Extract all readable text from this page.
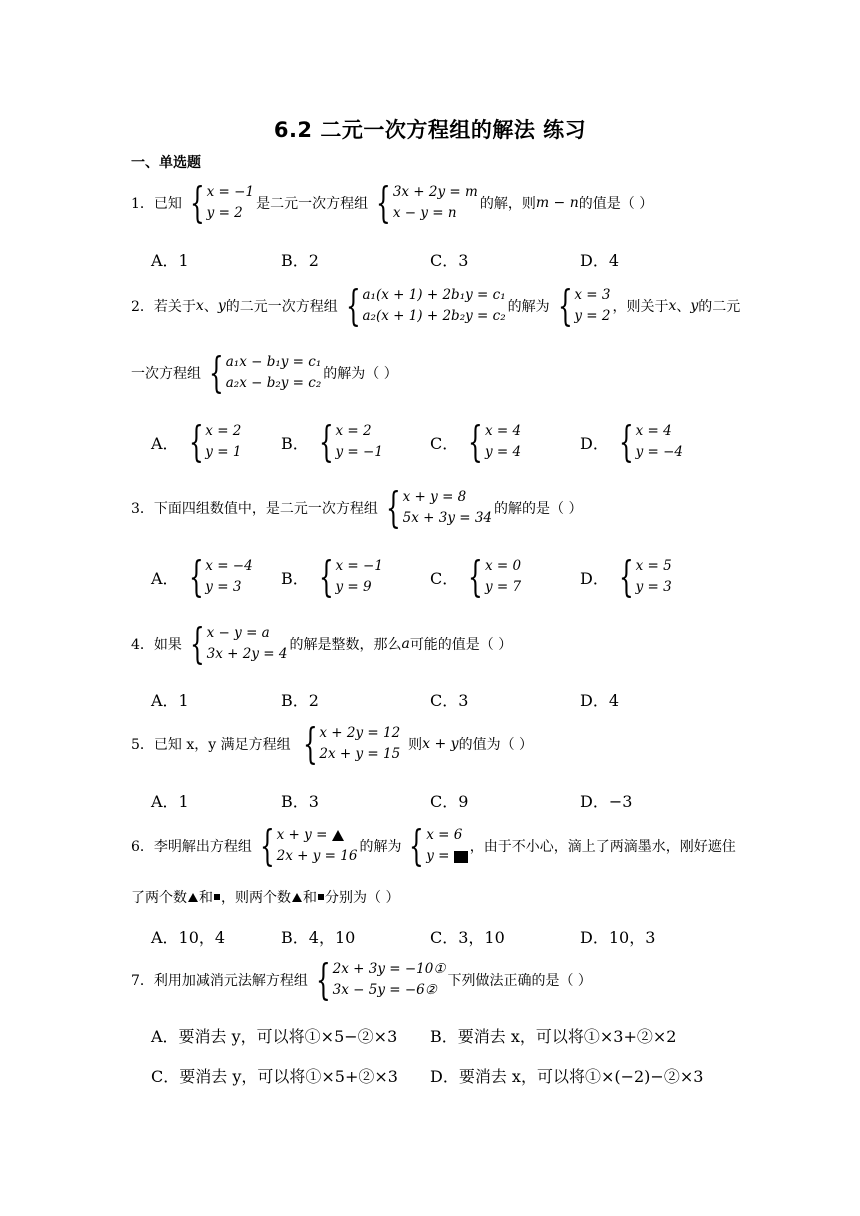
6.2 二元一次方程组的解法 练习
一、单选题
1．已知 { x = −1
y = 2
是二元一次方程组 { 3x + 2y = m
x − y = n
的解，则 m − n 的值是（ ）
A．1	B．2	C．3	D．4
2．若关于 x 、 y 的二元一次方程组 { a₁(x + 1) + 2b₁y = c₁
a₂(x + 1) + 2b₂y = c₂
的解为 { x = 3
y = 2
，则关于 x 、 y 的二元
一次方程组 { a₁x − b₁y = c₁
a₂x − b₂y = c₂
的解为（ ）
A． { x = 2
y = 1 B． { x = 2
y = −1	C． { x = 4
y = 4	D． { x = 4
y = −4
3．下面四组数值中，是二元一次方程组 { x + y = 8
5x + 3y = 34
的解的是（ ）
A． { x = −4
y = 3	B． { x = −1
y = 9	C． { x = 0
y = 7	D． { x = 5
y = 3
4．如果 { x − y = a
3x + 2y = 4
的解是整数，那么 a 可能的值是（ ）
A．1	B．2	C．3	D．4
5．已知 x，y 满足方程组 { x + 2y = 12
2x + y = 15
则 x + y 的值为（ ）
A．1	B．3	C．9	D．−3
6．李明解出方程组 { x + y =
2x + y = 16
的解为 { x = 6
y =
，由于不小心，滴上了两滴墨水，刚好遮住
了两个数 和 ，则两个数 和 分别为（ ）
A．10，4	B．4，10	C．3，10	D．10，3
7．利用加减消元法解方程组 { 2x + 3y = −10①
3x − 5y = −6②
下列做法正确的是（ ）
A．要消去 y，可以将①×5−②×3 B．要消去 x，可以将①×3+②×2
C．要消去 y，可以将①×5+②×3 D．要消去 x，可以将①×(−2)−②×3
